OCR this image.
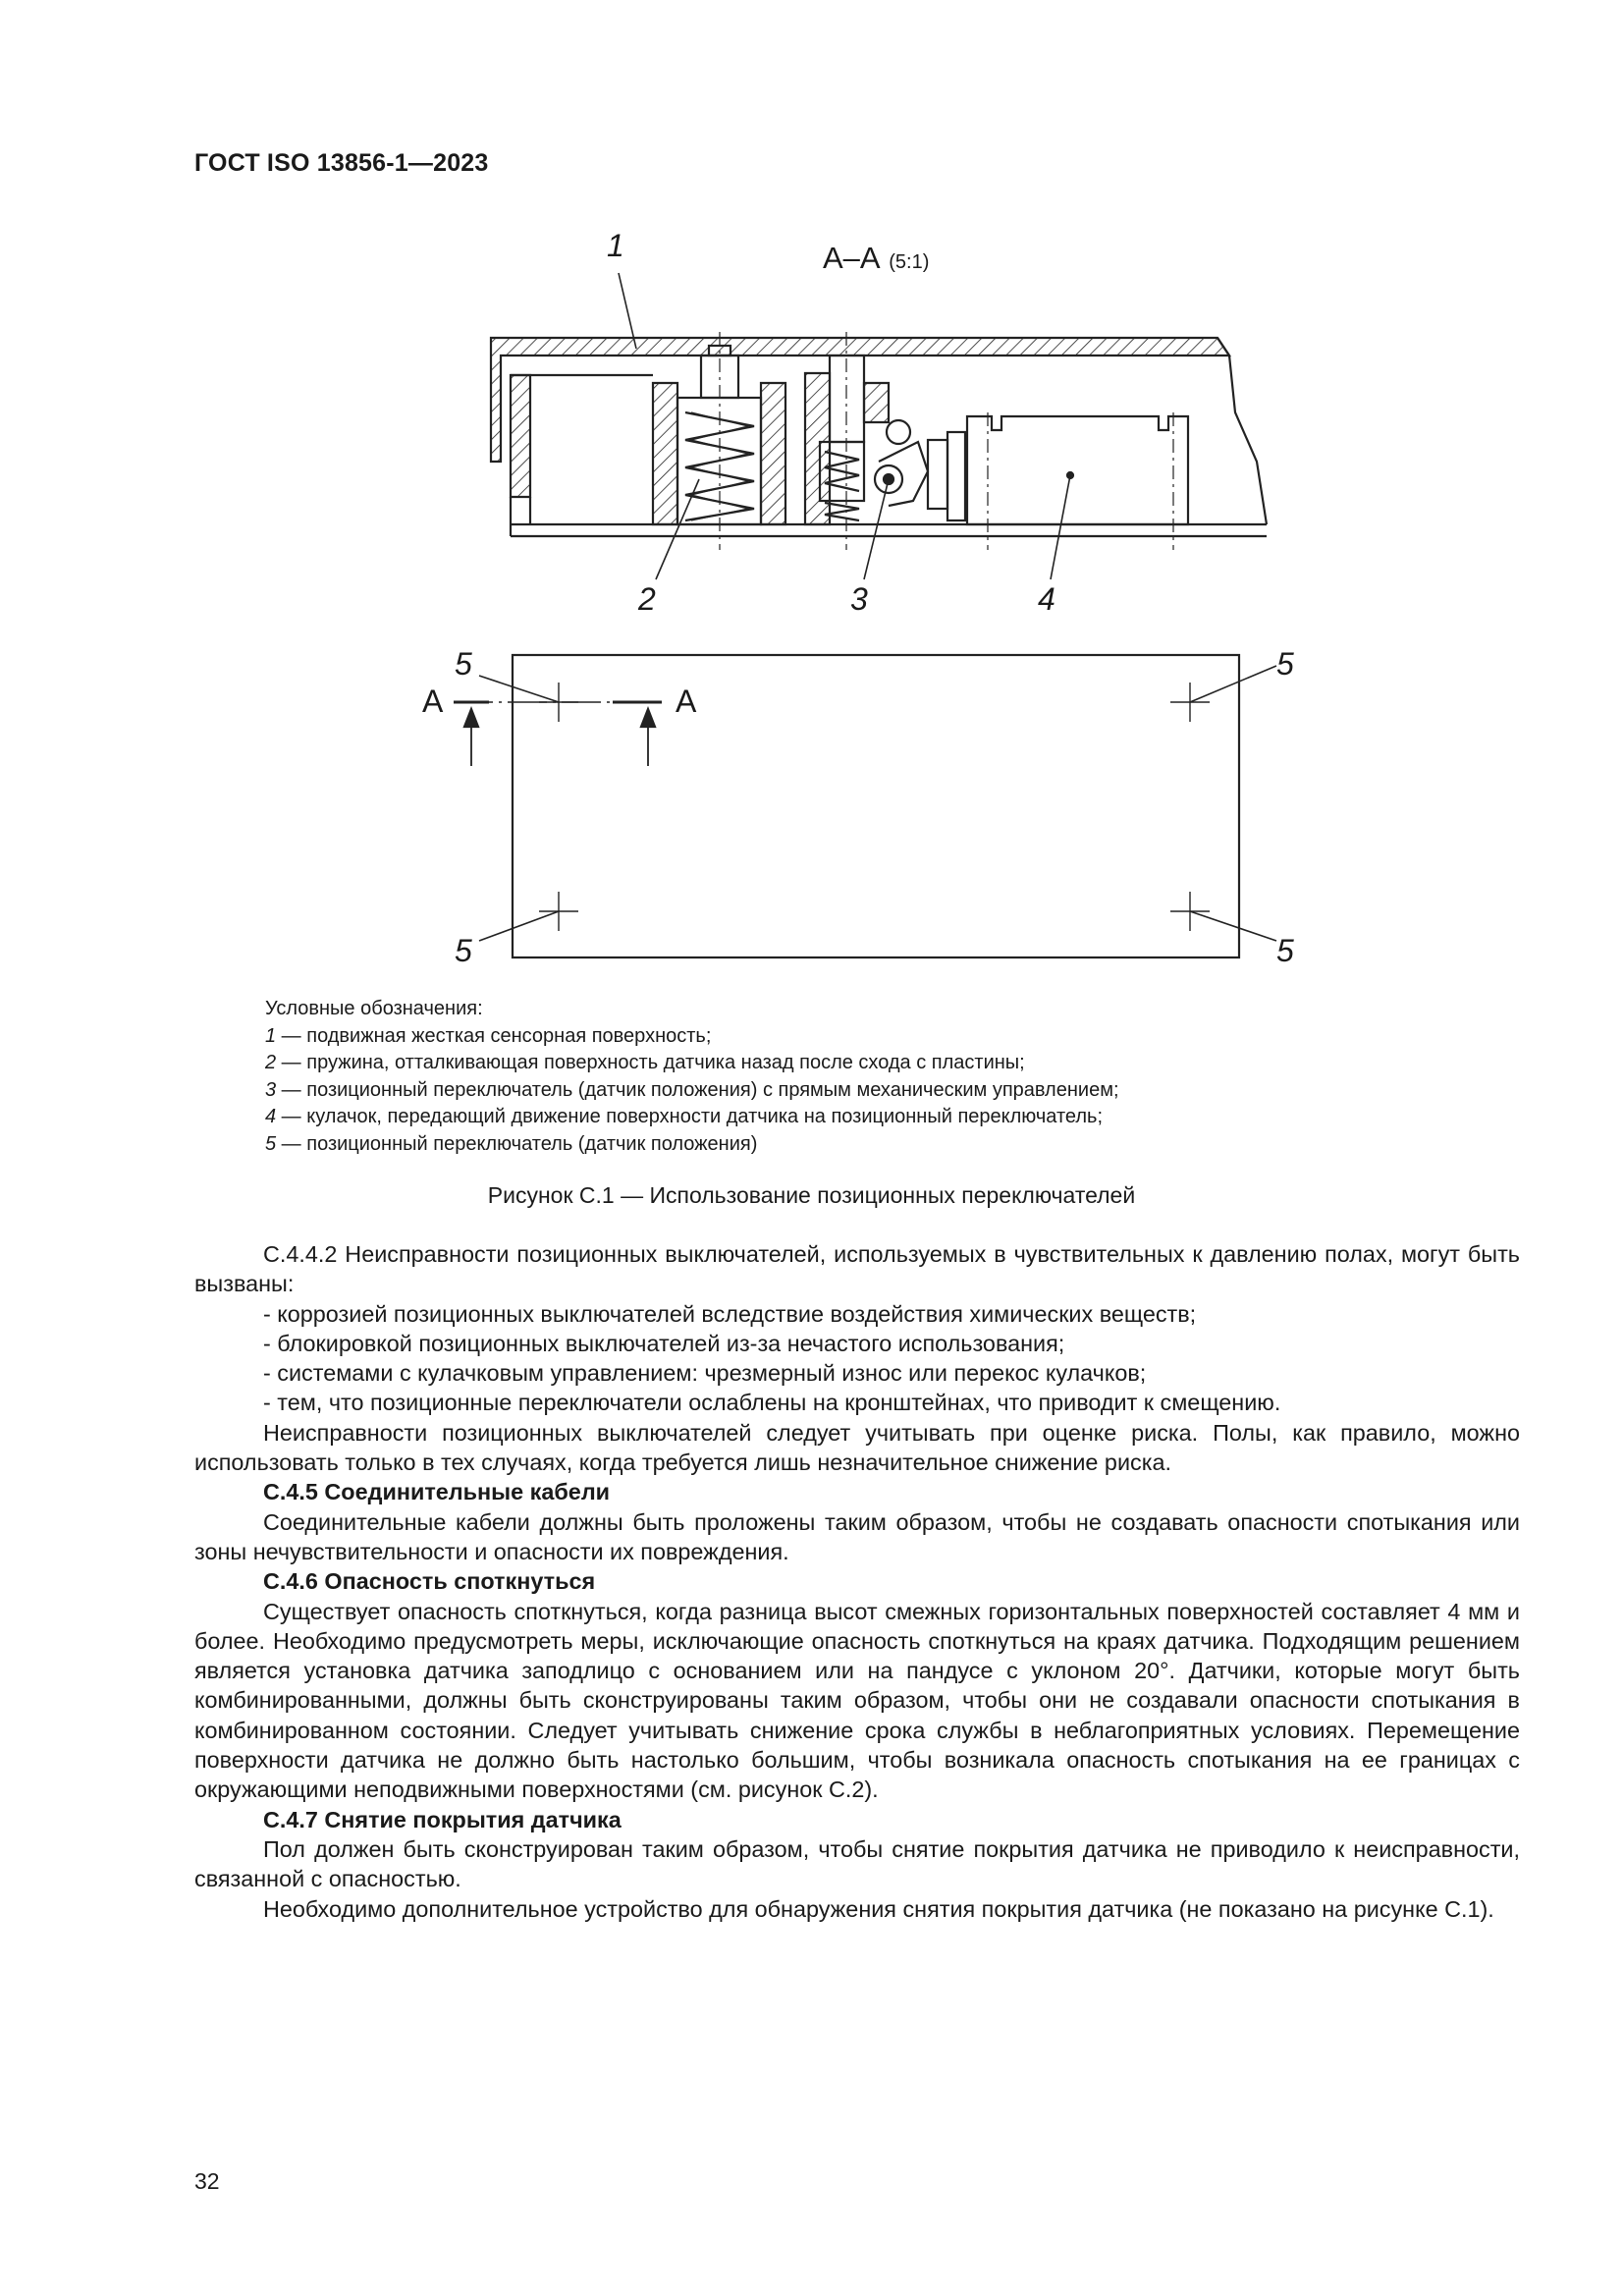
ГОСТ ISO 13856-1—2023
1	А–А (5:1)
2	3	4
5	5
5	5
А	А
Условные обозначения:
1 — подвижная жесткая сенсорная поверхность;
2 — пружина, отталкивающая поверхность датчика назад после схода с пластины;
3 — позиционный переключатель (датчик положения) с прямым механическим управлением;
4 — кулачок, передающий движение поверхности датчика на позиционный переключатель;
5 — позиционный переключатель (датчик положения)
Рисунок С.1 — Использование позиционных переключателей

С.4.4.2 Неисправности позиционных выключателей, используемых в чувствительных к давлению полах, могут быть вызваны:

- коррозией позиционных выключателей вследствие воздействия химических веществ;

- блокировкой позиционных выключателей из-за нечастого использования;

- системами с кулачковым управлением: чрезмерный износ или перекос кулачков;

- тем, что позиционные переключатели ослаблены на кронштейнах, что приводит к смещению.

Неисправности позиционных выключателей следует учитывать при оценке риска. Полы, как правило, можно использовать только в тех случаях, когда требуется лишь незначительное снижение риска.

С.4.5 Соединительные кабели

Соединительные кабели должны быть проложены таким образом, чтобы не создавать опасности спотыкания или зоны нечувствительности и опасности их повреждения.

С.4.6 Опасность споткнуться

Существует опасность споткнуться, когда разница высот смежных горизонтальных поверхностей составляет 4 мм и более. Необходимо предусмотреть меры, исключающие опасность споткнуться на краях датчика. Подходящим решением является установка датчика заподлицо с основанием или на пандусе с уклоном 20°. Датчики, которые могут быть комбинированными, должны быть сконструированы таким образом, чтобы они не создавали опасности спотыкания в комбинированном состоянии. Следует учитывать снижение срока службы в неблагоприятных условиях. Перемещение поверхности датчика не должно быть настолько большим, чтобы возникала опасность спотыкания на ее границах с окружающими неподвижными поверхностями (см. рисунок С.2).

С.4.7 Снятие покрытия датчика

Пол должен быть сконструирован таким образом, чтобы снятие покрытия датчика не приводило к неисправности, связанной с опасностью.

Необходимо дополнительное устройство для обнаружения снятия покрытия датчика (не показано на рисунке С.1).

32
